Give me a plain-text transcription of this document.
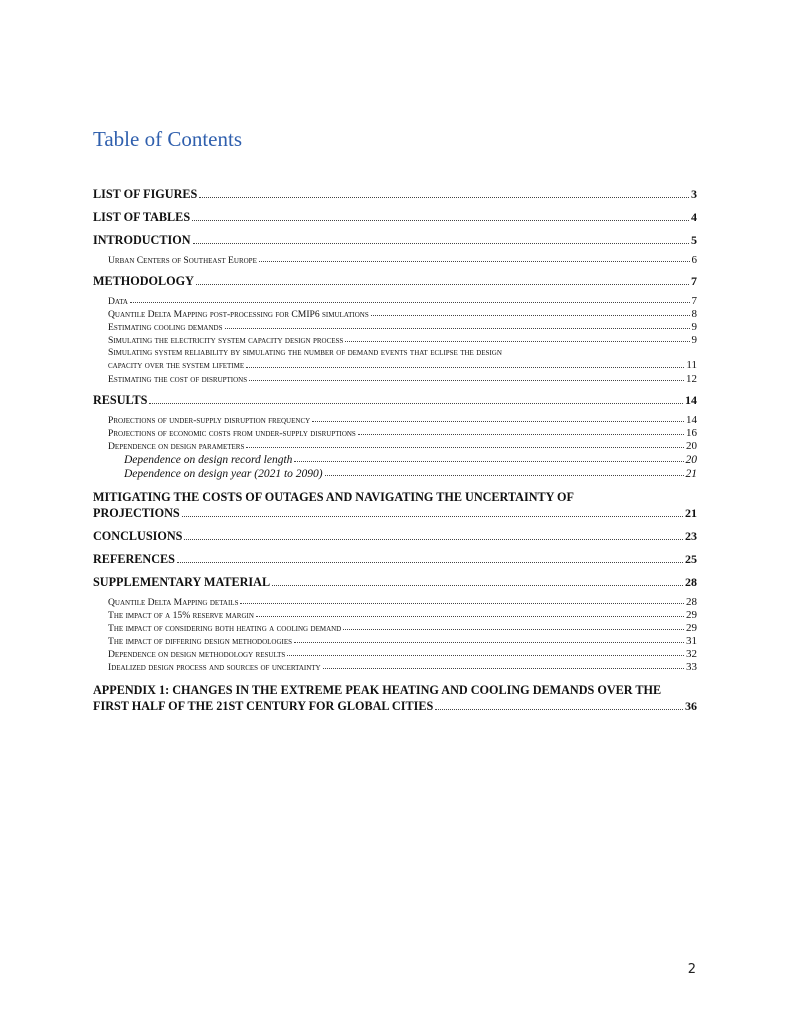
Table of Contents
LIST OF FIGURES	3
LIST OF TABLES	4
INTRODUCTION	5
Urban Centers of Southeast Europe	6
METHODOLOGY	7
Data	7
Quantile Delta Mapping post-processing for CMIP6 simulations	8
Estimating cooling demands	9
Simulating the electricity system capacity design process	9
Simulating system reliability by simulating the number of demand events that eclipse the design
capacity over the system lifetime	11
Estimating the cost of disruptions	12
RESULTS	14
Projections of under-supply disruption frequency	14
Projections of economic costs from under-supply disruptions	16
Dependence on design parameters	20
Dependence on design record length	20
Dependence on design year (2021 to 2090)	21
MITIGATING THE COSTS OF OUTAGES AND NAVIGATING THE UNCERTAINTY OF
PROJECTIONS	21
CONCLUSIONS	23
REFERENCES	25
SUPPLEMENTARY MATERIAL	28
Quantile Delta Mapping details	28
The impact of a 15% reserve margin	29
The impact of considering both heating a cooling demand	29
The impact of differing design methodologies	31
Dependence on design methodology results	32
Idealized design process and sources of uncertainty	33
APPENDIX 1: CHANGES IN THE EXTREME PEAK HEATING AND COOLING DEMANDS OVER THE
FIRST HALF OF THE 21ST CENTURY FOR GLOBAL CITIES	36
2
